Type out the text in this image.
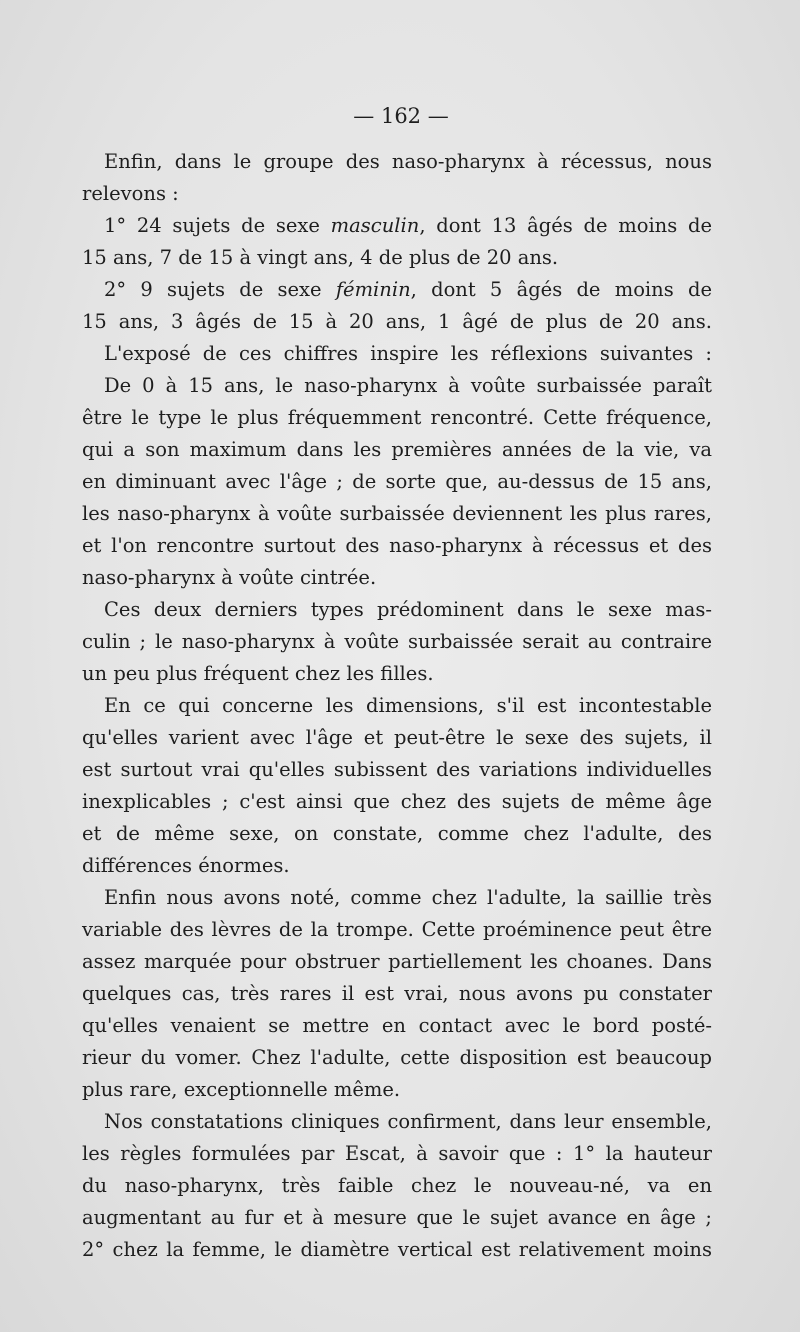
— 162 —
Enfin, dans le groupe des naso-pharynx à récessus, nous
relevons :
1° 24 sujets de sexe masculin, dont 13 âgés de moins de
15 ans, 7 de 15 à vingt ans, 4 de plus de 20 ans.
2° 9 sujets de sexe féminin, dont 5 âgés de moins de
15 ans, 3 âgés de 15 à 20 ans, 1 âgé de plus de 20 ans.
L'exposé de ces chiffres inspire les réflexions suivantes :
De 0 à 15 ans, le naso-pharynx à voûte surbaissée paraît
être le type le plus fréquemment rencontré. Cette fréquence,
qui a son maximum dans les premières années de la vie, va
en diminuant avec l'âge ; de sorte que, au-dessus de 15 ans,
les naso-pharynx à voûte surbaissée deviennent les plus rares,
et l'on rencontre surtout des naso-pharynx à récessus et des
naso-pharynx à voûte cintrée.
Ces deux derniers types prédominent dans le sexe mas-
culin ; le naso-pharynx à voûte surbaissée serait au contraire
un peu plus fréquent chez les filles.
En ce qui concerne les dimensions, s'il est incontestable
qu'elles varient avec l'âge et peut-être le sexe des sujets, il
est surtout vrai qu'elles subissent des variations individuelles
inexplicables ; c'est ainsi que chez des sujets de même âge
et de même sexe, on constate, comme chez l'adulte, des
différences énormes.
Enfin nous avons noté, comme chez l'adulte, la saillie très
variable des lèvres de la trompe. Cette proéminence peut être
assez marquée pour obstruer partiellement les choanes. Dans
quelques cas, très rares il est vrai, nous avons pu constater
qu'elles venaient se mettre en contact avec le bord posté-
rieur du vomer. Chez l'adulte, cette disposition est beaucoup
plus rare, exceptionnelle même.
Nos constatations cliniques confirment, dans leur ensemble,
les règles formulées par Escat, à savoir que : 1° la hauteur
du naso-pharynx, très faible chez le nouveau-né, va en
augmentant au fur et à mesure que le sujet avance en âge ;
2° chez la femme, le diamètre vertical est relativement moins
